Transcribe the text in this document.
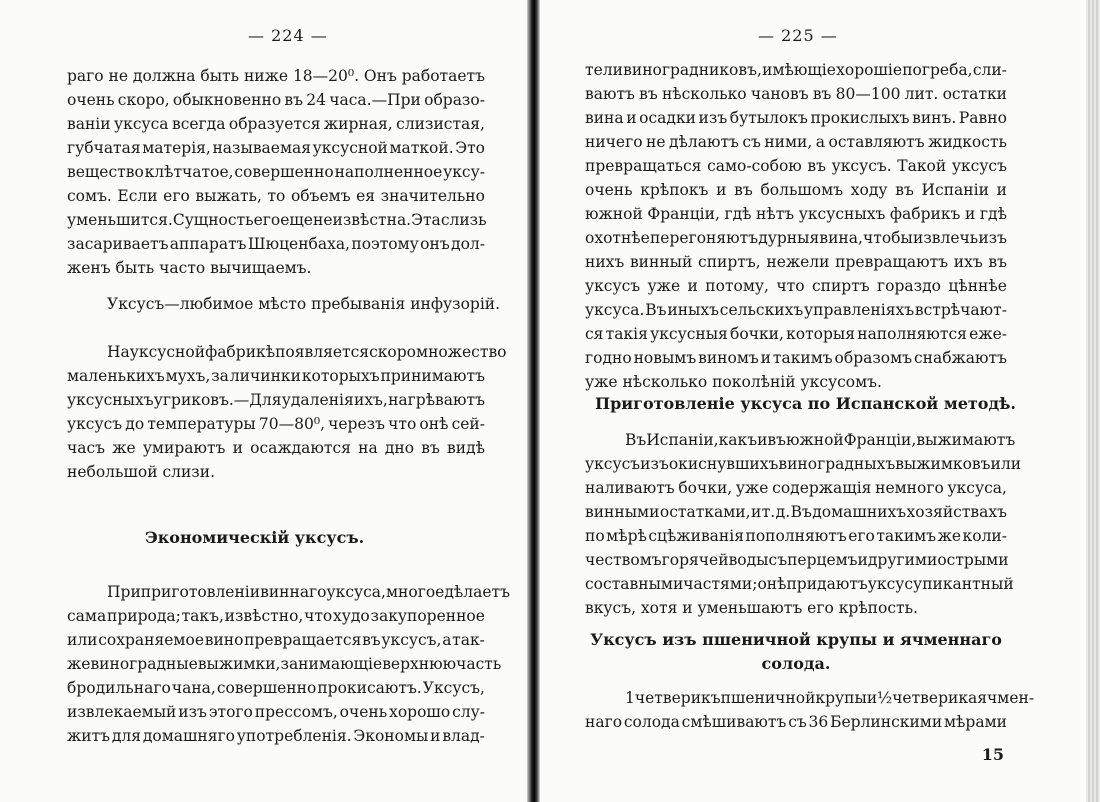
— 224 —
раго не должна быть ниже 18—20⁰. Онъ работаетъ
очень скоро, обыкновенно въ 24 часа.—При образо-
ваніи уксуса всегда образуется жирная, слизистая,
губчатая матерія, называемая уксусной маткой. Это
вещество клѣтчатое, совершенно наполненное уксу-
сомъ. Если его выжать, то объемъ ея значительно
уменьшится. Сущность его еще не извѣстна. Эта слизь
засариваетъ аппаратъ Шюценбаха, поэтому онъ дол-
женъ быть часто вычищаемъ.
Уксусъ—любимое мѣсто пребыванія инфузорій.
На уксусной фабрикѣ появляется скоро множество
маленькихъ мухъ, за личинки которыхъ принимаютъ
уксусныхъ угриковъ.—Для удаленія ихъ, нагрѣваютъ
уксусъ до температуры 70—80⁰, черезъ что онѣ сей-
часъ же умираютъ и осаждаются на дно въ видѣ
небольшой слизи.
Экономическій уксусъ.
При приготовленіи виннаго уксуса, многое дѣлаетъ
сама природа; такъ, извѣстно, что худо закупоренное
или сохраняемое вино превращается въ уксусъ, а так-
же виноградные выжимки, занимающіе верхнюю часть
бродильнаго чана, совершенно прокисаютъ. Уксусъ,
извлекаемый изъ этого прессомъ, очень хорошо слу-
житъ для домашняго употребленія. Экономы и влад-
— 225 —
тели виноградниковъ, имѣющіе хорошіе погреба, сли-
ваютъ въ нѣсколько чановъ въ 80—100 лит. остатки
вина и осадки изъ бутылокъ прокислыхъ винъ. Равно
ничего не дѣлаютъ съ ними, а оставляютъ жидкость
превращаться само-собою въ уксусъ. Такой уксусъ
очень крѣпокъ и въ большомъ ходу въ Испаніи и
южной Франціи, гдѣ нѣтъ уксусныхъ фабрикъ и гдѣ
охотнѣе перегоняютъ дурныя вина, чтобы извлечь изъ
нихъ винный спиртъ, нежели превращаютъ ихъ въ
уксусъ уже и потому, что спиртъ гораздо цѣннѣе
уксуса. Въ иныхъ сельскихъ управленіяхъ встрѣчают-
ся такія уксусныя бочки, которыя наполняются еже-
годно новымъ виномъ и такимъ образомъ снабжаютъ
уже нѣсколько поколѣній уксусомъ.
Приготовленіе уксуса по Испанской методѣ.
Въ Испаніи, какъ и въ южной Франціи, выжимаютъ
уксусъ изъ окиснувшихъ виноградныхъ выжимковъ или
наливаютъ бочки, уже содержащія немного уксуса,
винными остатками, и т. д. Въ домашнихъ хозяйствахъ
по мѣрѣ сцѣживанія пополняютъ его такимъ же коли-
чествомъ горячей воды съ перцемъ и другими острыми
составными частями; онѣ придаютъ уксусу пикантный
вкусъ, хотя и уменьшаютъ его крѣпость.
Уксусъ изъ пшеничной крупы и ячменнаго
солода.
1 четверикъ пшеничной крупы и ½ четверика ячмен-
наго солода смѣшиваютъ съ 36 Берлинскими мѣрами
15
